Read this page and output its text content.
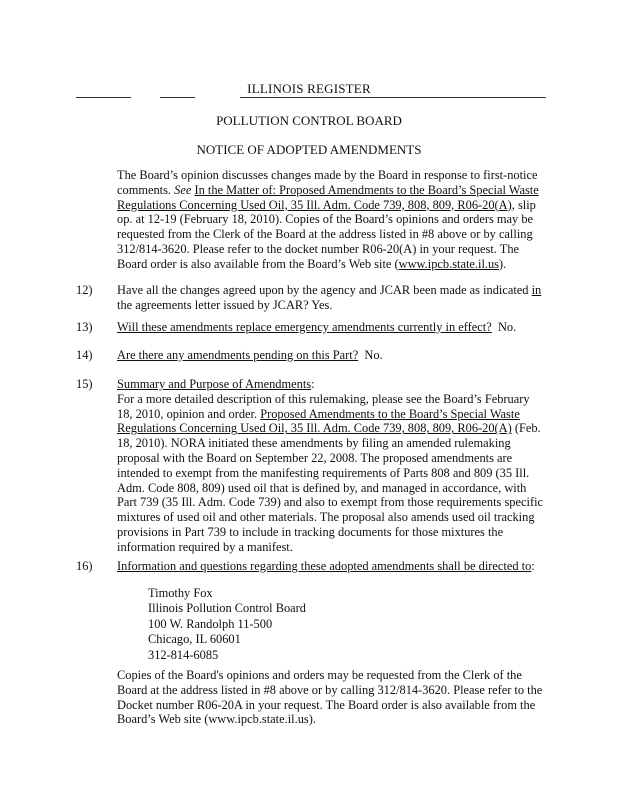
ILLINOIS REGISTER
POLLUTION CONTROL BOARD
NOTICE OF ADOPTED AMENDMENTS
The Board’s opinion discusses changes made by the Board in response to first-notice comments. See In the Matter of: Proposed Amendments to the Board’s Special Waste Regulations Concerning Used Oil, 35 Ill. Adm. Code 739, 808, 809, R06-20(A), slip op. at 12-19 (February 18, 2010). Copies of the Board’s opinions and orders may be requested from the Clerk of the Board at the address listed in #8 above or by calling 312/814-3620. Please refer to the docket number R06-20(A) in your request. The Board order is also available from the Board’s Web site (www.ipcb.state.il.us).
12) Have all the changes agreed upon by the agency and JCAR been made as indicated in the agreements letter issued by JCAR? Yes.
13) Will these amendments replace emergency amendments currently in effect? No.
14) Are there any amendments pending on this Part? No.
15) Summary and Purpose of Amendments:
For a more detailed description of this rulemaking, please see the Board’s February 18, 2010, opinion and order. Proposed Amendments to the Board’s Special Waste Regulations Concerning Used Oil, 35 Ill. Adm. Code 739, 808, 809, R06-20(A) (Feb. 18, 2010). NORA initiated these amendments by filing an amended rulemaking proposal with the Board on September 22, 2008. The proposed amendments are intended to exempt from the manifesting requirements of Parts 808 and 809 (35 Ill. Adm. Code 808, 809) used oil that is defined by, and managed in accordance, with Part 739 (35 Ill. Adm. Code 739) and also to exempt from those requirements specific mixtures of used oil and other materials. The proposal also amends used oil tracking provisions in Part 739 to include in tracking documents for those mixtures the information required by a manifest.
16) Information and questions regarding these adopted amendments shall be directed to:
Timothy Fox
Illinois Pollution Control Board
100 W. Randolph 11-500
Chicago, IL 60601
312-814-6085
Copies of the Board's opinions and orders may be requested from the Clerk of the Board at the address listed in #8 above or by calling 312/814-3620. Please refer to the Docket number R06-20A in your request. The Board order is also available from the Board’s Web site (www.ipcb.state.il.us).
